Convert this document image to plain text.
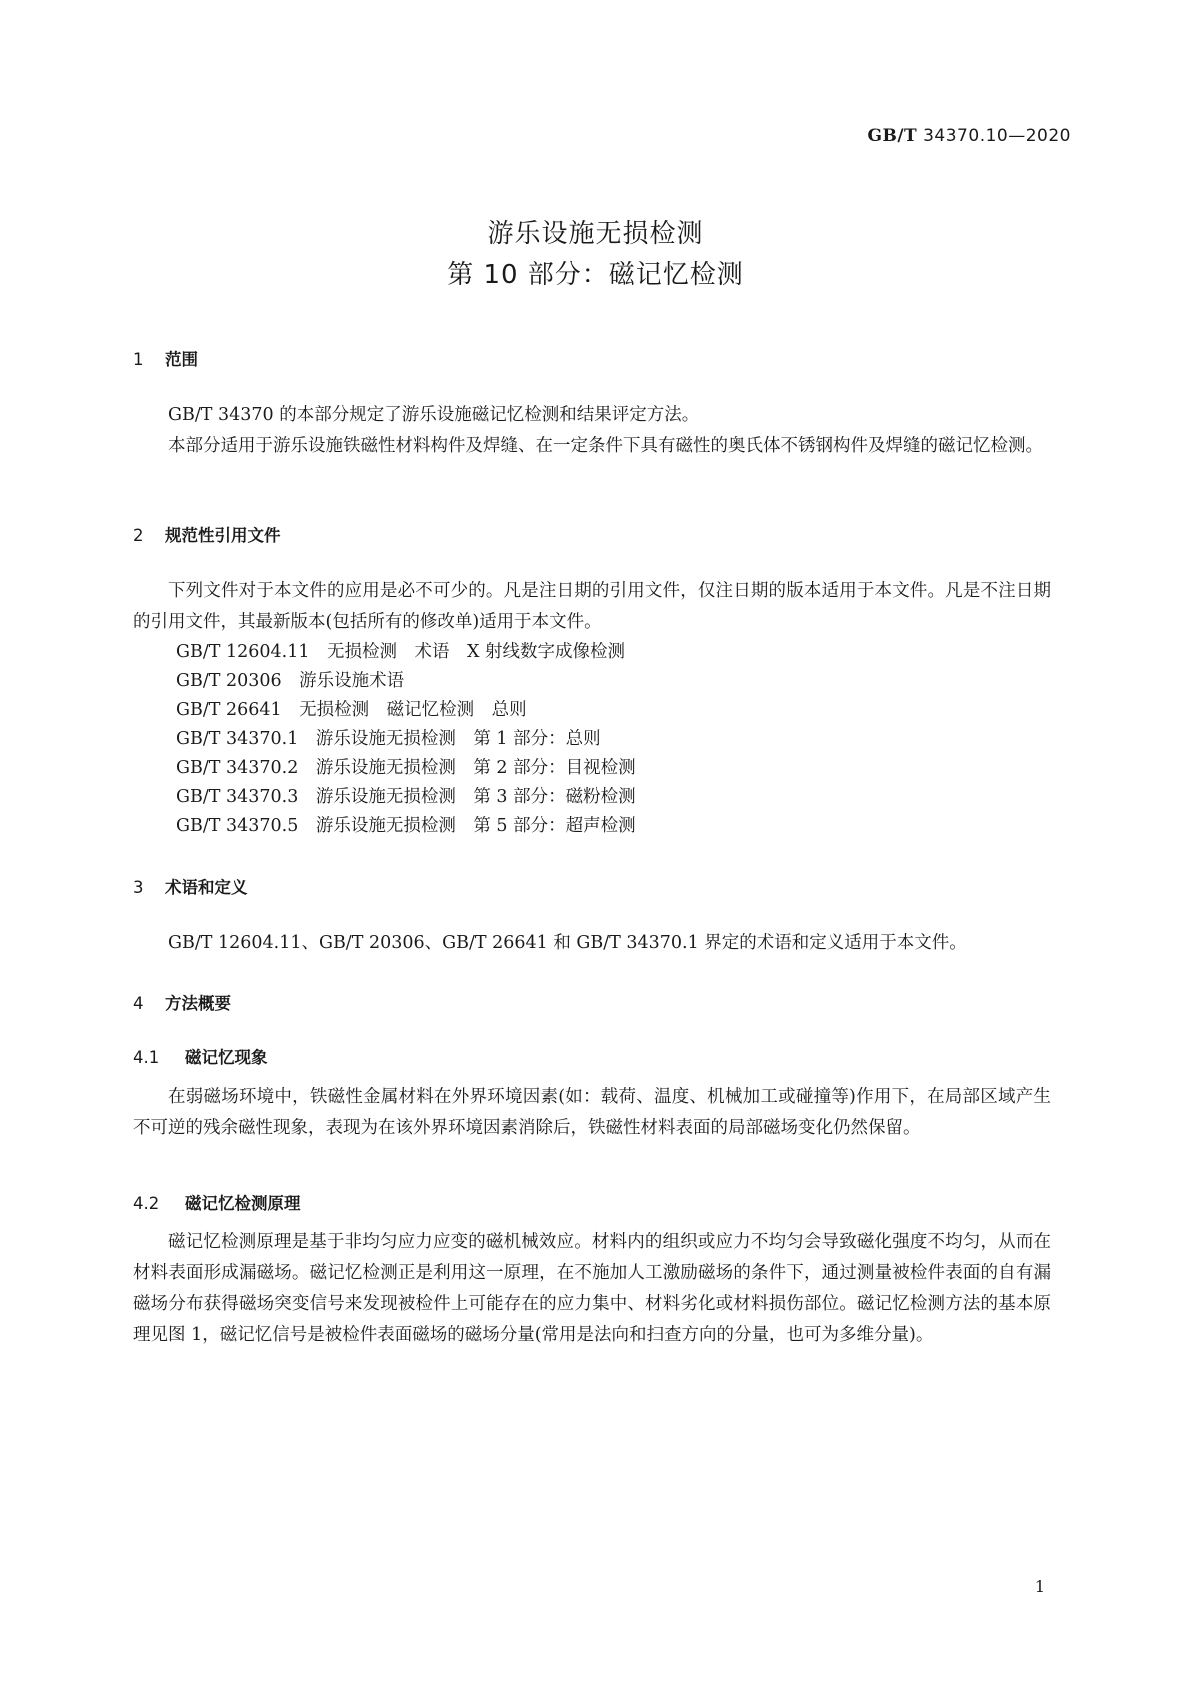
GB/T 34370.10—2020
游乐设施无损检测
第 10 部分：磁记忆检测
1 范围
GB/T 34370 的本部分规定了游乐设施磁记忆检测和结果评定方法。
本部分适用于游乐设施铁磁性材料构件及焊缝、在一定条件下具有磁性的奥氏体不锈钢构件及焊缝的磁记忆检测。
2 规范性引用文件
下列文件对于本文件的应用是必不可少的。凡是注日期的引用文件，仅注日期的版本适用于本文件。凡是不注日期的引用文件，其最新版本(包括所有的修改单)适用于本文件。
GB/T 12604.11　无损检测　术语　X 射线数字成像检测
GB/T 20306　游乐设施术语
GB/T 26641　无损检测　磁记忆检测　总则
GB/T 34370.1　游乐设施无损检测　第 1 部分：总则
GB/T 34370.2　游乐设施无损检测　第 2 部分：目视检测
GB/T 34370.3　游乐设施无损检测　第 3 部分：磁粉检测
GB/T 34370.5　游乐设施无损检测　第 5 部分：超声检测
3 术语和定义
GB/T 12604.11、GB/T 20306、GB/T 26641 和 GB/T 34370.1 界定的术语和定义适用于本文件。
4 方法概要
4.1 磁记忆现象
在弱磁场环境中，铁磁性金属材料在外界环境因素(如：载荷、温度、机械加工或碰撞等)作用下，在局部区域产生不可逆的残余磁性现象，表现为在该外界环境因素消除后，铁磁性材料表面的局部磁场变化仍然保留。
4.2 磁记忆检测原理
磁记忆检测原理是基于非均匀应力应变的磁机械效应。材料内的组织或应力不均匀会导致磁化强度不均匀，从而在材料表面形成漏磁场。磁记忆检测正是利用这一原理，在不施加人工激励磁场的条件下，通过测量被检件表面的自有漏磁场分布获得磁场突变信号来发现被检件上可能存在的应力集中、材料劣化或材料损伤部位。磁记忆检测方法的基本原理见图 1，磁记忆信号是被检件表面磁场的磁场分量(常用是法向和扫查方向的分量，也可为多维分量)。
1
